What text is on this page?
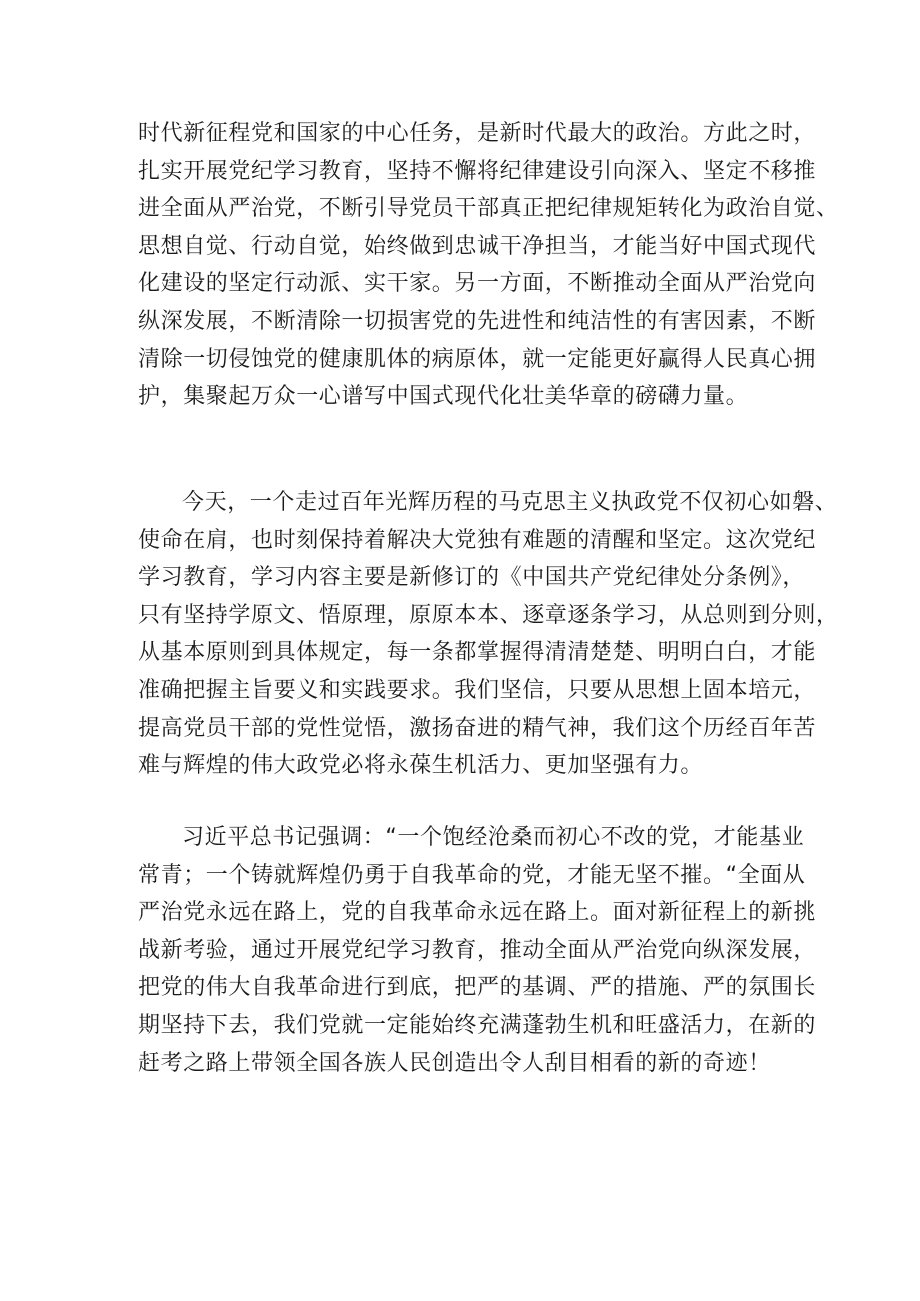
时代新征程党和国家的中心任务，是新时代最大的政治。方此之时，
扎实开展党纪学习教育，坚持不懈将纪律建设引向深入、坚定不移推
进全面从严治党，不断引导党员干部真正把纪律规矩转化为政治自觉、
思想自觉、行动自觉，始终做到忠诚干净担当，才能当好中国式现代
化建设的坚定行动派、实干家。另一方面，不断推动全面从严治党向
纵深发展，不断清除一切损害党的先进性和纯洁性的有害因素，不断
清除一切侵蚀党的健康肌体的病原体，就一定能更好赢得人民真心拥
护，集聚起万众一心谱写中国式现代化壮美华章的磅礴力量。
今天，一个走过百年光辉历程的马克思主义执政党不仅初心如磐、
使命在肩，也时刻保持着解决大党独有难题的清醒和坚定。这次党纪
学习教育，学习内容主要是新修订的《中国共产党纪律处分条例》，
只有坚持学原文、悟原理，原原本本、逐章逐条学习，从总则到分则，
从基本原则到具体规定，每一条都掌握得清清楚楚、明明白白，才能
准确把握主旨要义和实践要求。我们坚信，只要从思想上固本培元，
提高党员干部的党性觉悟，激扬奋进的精气神，我们这个历经百年苦
难与辉煌的伟大政党必将永葆生机活力、更加坚强有力。
习近平总书记强调：“一个饱经沧桑而初心不改的党，才能基业
常青；一个铸就辉煌仍勇于自我革命的党，才能无坚不摧。“全面从
严治党永远在路上，党的自我革命永远在路上。面对新征程上的新挑
战新考验，通过开展党纪学习教育，推动全面从严治党向纵深发展，
把党的伟大自我革命进行到底，把严的基调、严的措施、严的氛围长
期坚持下去，我们党就一定能始终充满蓬勃生机和旺盛活力，在新的
赶考之路上带领全国各族人民创造出令人刮目相看的新的奇迹！
